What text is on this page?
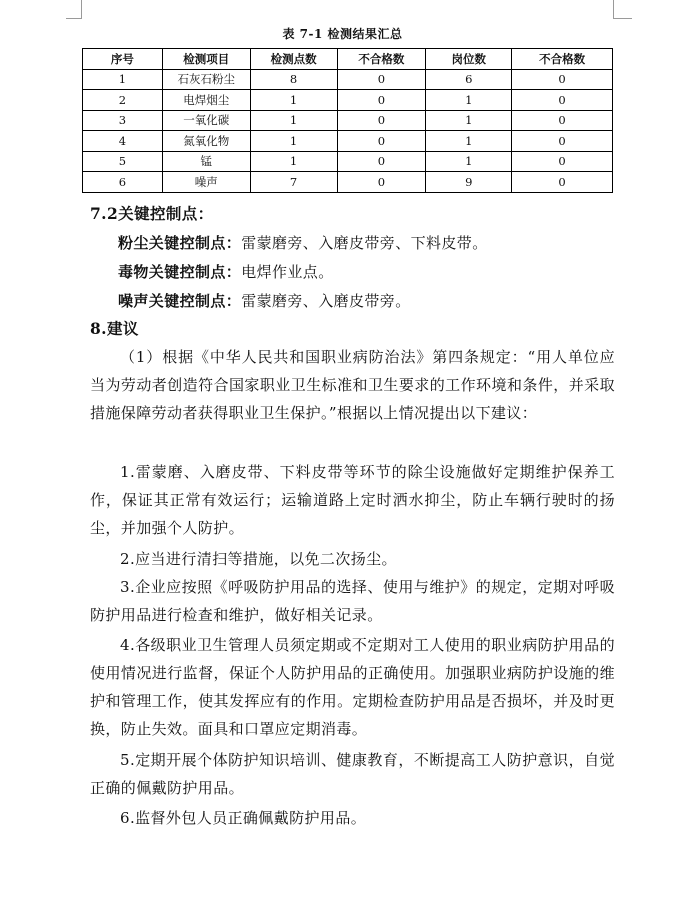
表 7-1 检测结果汇总
序号	检测项目	检测点数	不合格数	岗位数	不合格数
1	石灰石粉尘	8	0	6	0
2	电焊烟尘	1	0	1	0
3	一氧化碳	1	0	1	0
4	氮氧化物	1	0	1	0
5	锰	1	0	1	0
6	噪声	7	0	9	0
7.2关键控制点：
粉尘关键控制点：雷蒙磨旁、入磨皮带旁、下料皮带。
毒物关键控制点：电焊作业点。
噪声关键控制点：雷蒙磨旁、入磨皮带旁。
8.建议
（1）根据《中华人民共和国职业病防治法》第四条规定：“用人单位应当为劳动者创造符合国家职业卫生标准和卫生要求的工作环境和条件，并采取措施保障劳动者获得职业卫生保护。”根据以上情况提出以下建议：
1.雷蒙磨、入磨皮带、下料皮带等环节的除尘设施做好定期维护保养工作，保证其正常有效运行；运输道路上定时洒水抑尘，防止车辆行驶时的扬尘，并加强个人防护。
2.应当进行清扫等措施，以免二次扬尘。
3.企业应按照《呼吸防护用品的选择、使用与维护》的规定，定期对呼吸防护用品进行检查和维护，做好相关记录。
4.各级职业卫生管理人员须定期或不定期对工人使用的职业病防护用品的使用情况进行监督，保证个人防护用品的正确使用。加强职业病防护设施的维护和管理工作，使其发挥应有的作用。定期检查防护用品是否损坏，并及时更换，防止失效。面具和口罩应定期消毒。
5.定期开展个体防护知识培训、健康教育，不断提高工人防护意识，自觉正确的佩戴防护用品。
6.监督外包人员正确佩戴防护用品。
